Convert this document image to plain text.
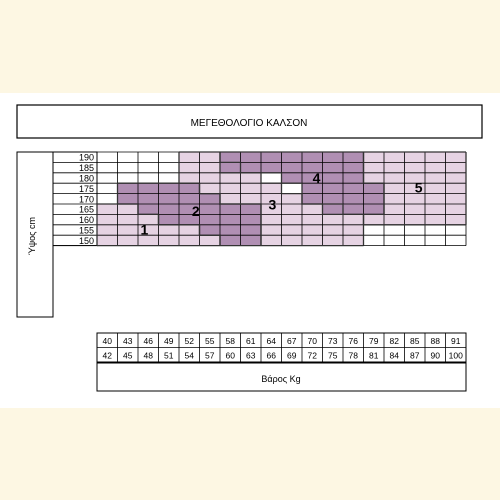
ΜΕΓΕΘΟΛΟΓΙΟ ΚΑΛΣΟΝ
Ύψος cm	1
2	3
4
5
190
185
180
175
170
165
160
155
150
40 43 46 49 52 55 58 61 64 67 70 73 76 79 82 85 88 91
42 45 48 51 54 57 60 63 66 69 72 75 78 81 84 87 90 100
Βάρος Kg
